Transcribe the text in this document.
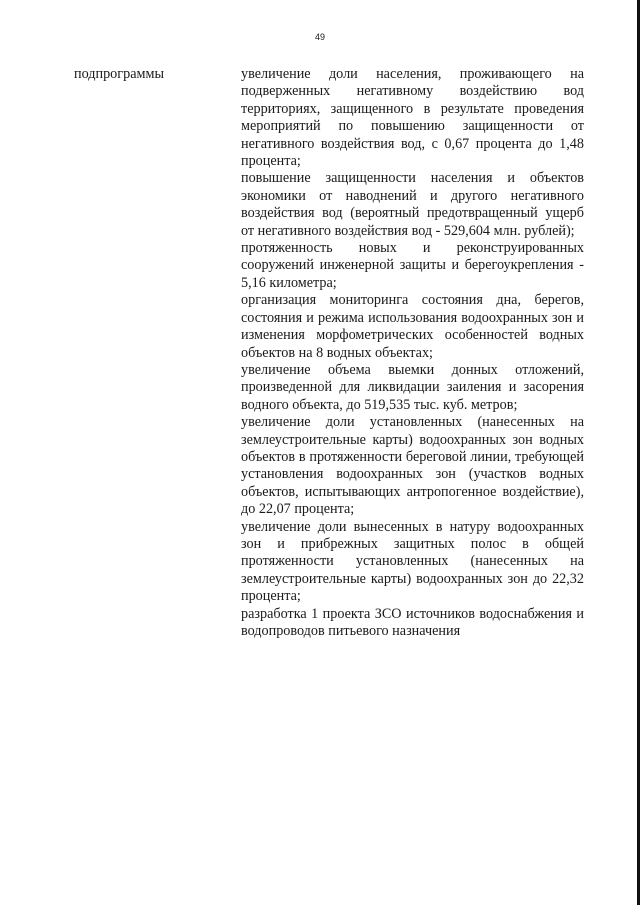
49
подпрограммы	увеличение доли населения, проживающего на подверженных негативному воздействию вод территориях, защищенного в результате проведения мероприятий по повышению защищенности от негативного воздействия вод, с 0,67 процента до 1,48 процента;

повышение защищенности населения и объектов экономики от наводнений и другого негативного воздействия вод (вероятный предотвращенный ущерб от негативного воздействия вод - 529,604 млн. рублей);

протяженность новых и реконструированных сооружений инженерной защиты и берегоукрепления - 5,16 километра;

организация мониторинга состояния дна, берегов, состояния и режима использования водоохранных зон и изменения морфометрических особенностей водных объектов на 8 водных объектах;

увеличение объема выемки донных отложений, произведенной для ликвидации заиления и засорения водного объекта, до 519,535 тыс. куб. метров;

увеличение доли установленных (нанесенных на землеустроительные карты) водоохранных зон водных объектов в протяженности береговой линии, требующей установления водоохранных зон (участков водных объектов, испытывающих антропогенное воздействие), до 22,07 процента;

увеличение доли вынесенных в натуру водоохранных зон и прибрежных защитных полос в общей протяженности установленных (нанесенных на землеустроительные карты) водоохранных зон до 22,32 процента;

разработка 1 проекта ЗСО источников водоснабжения и водопроводов питьевого назначения
